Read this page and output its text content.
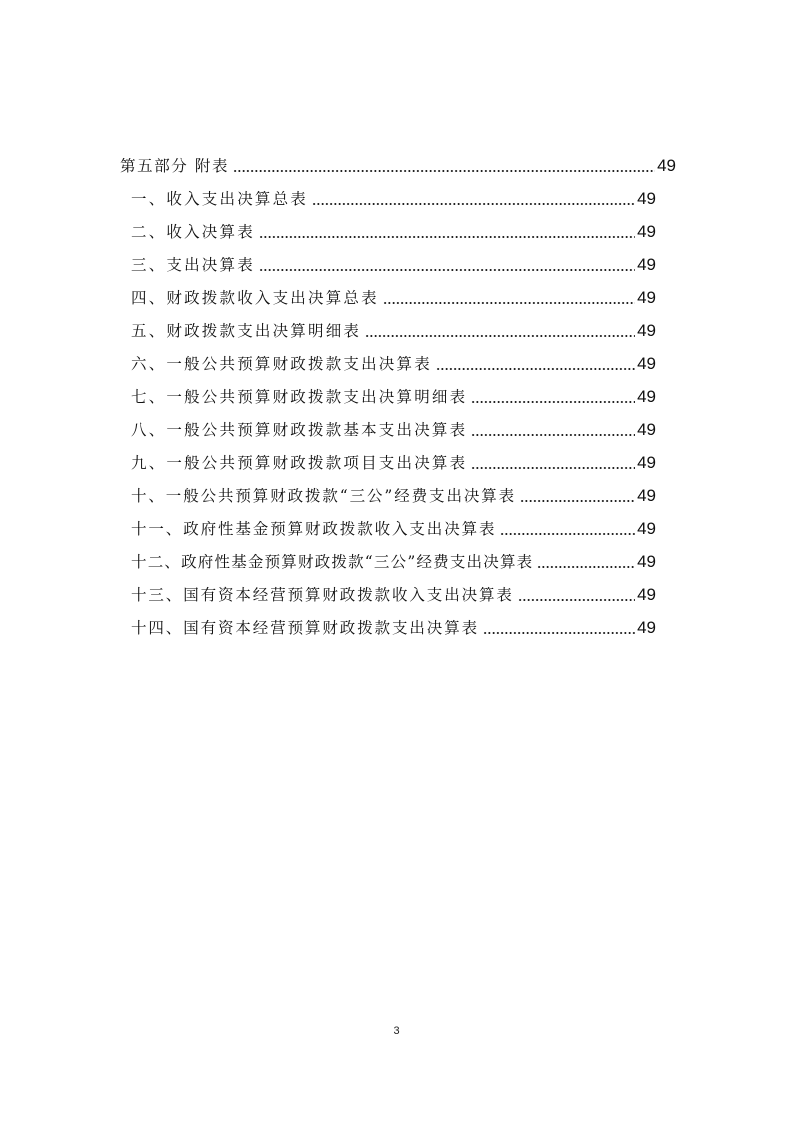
第五部分 附表	49
一、收入支出决算总表	49
二、收入决算表	49
三、支出决算表	49
四、财政拨款收入支出决算总表	49
五、财政拨款支出决算明细表	49
六、一般公共预算财政拨款支出决算表	49
七、一般公共预算财政拨款支出决算明细表	49
八、一般公共预算财政拨款基本支出决算表	49
九、一般公共预算财政拨款项目支出决算表	49
十、一般公共预算财政拨款“三公”经费支出决算表	49
十一、政府性基金预算财政拨款收入支出决算表	49
十二、政府性基金预算财政拨款“三公”经费支出决算表	49
十三、国有资本经营预算财政拨款收入支出决算表	49
十四、国有资本经营预算财政拨款支出决算表	49
3
